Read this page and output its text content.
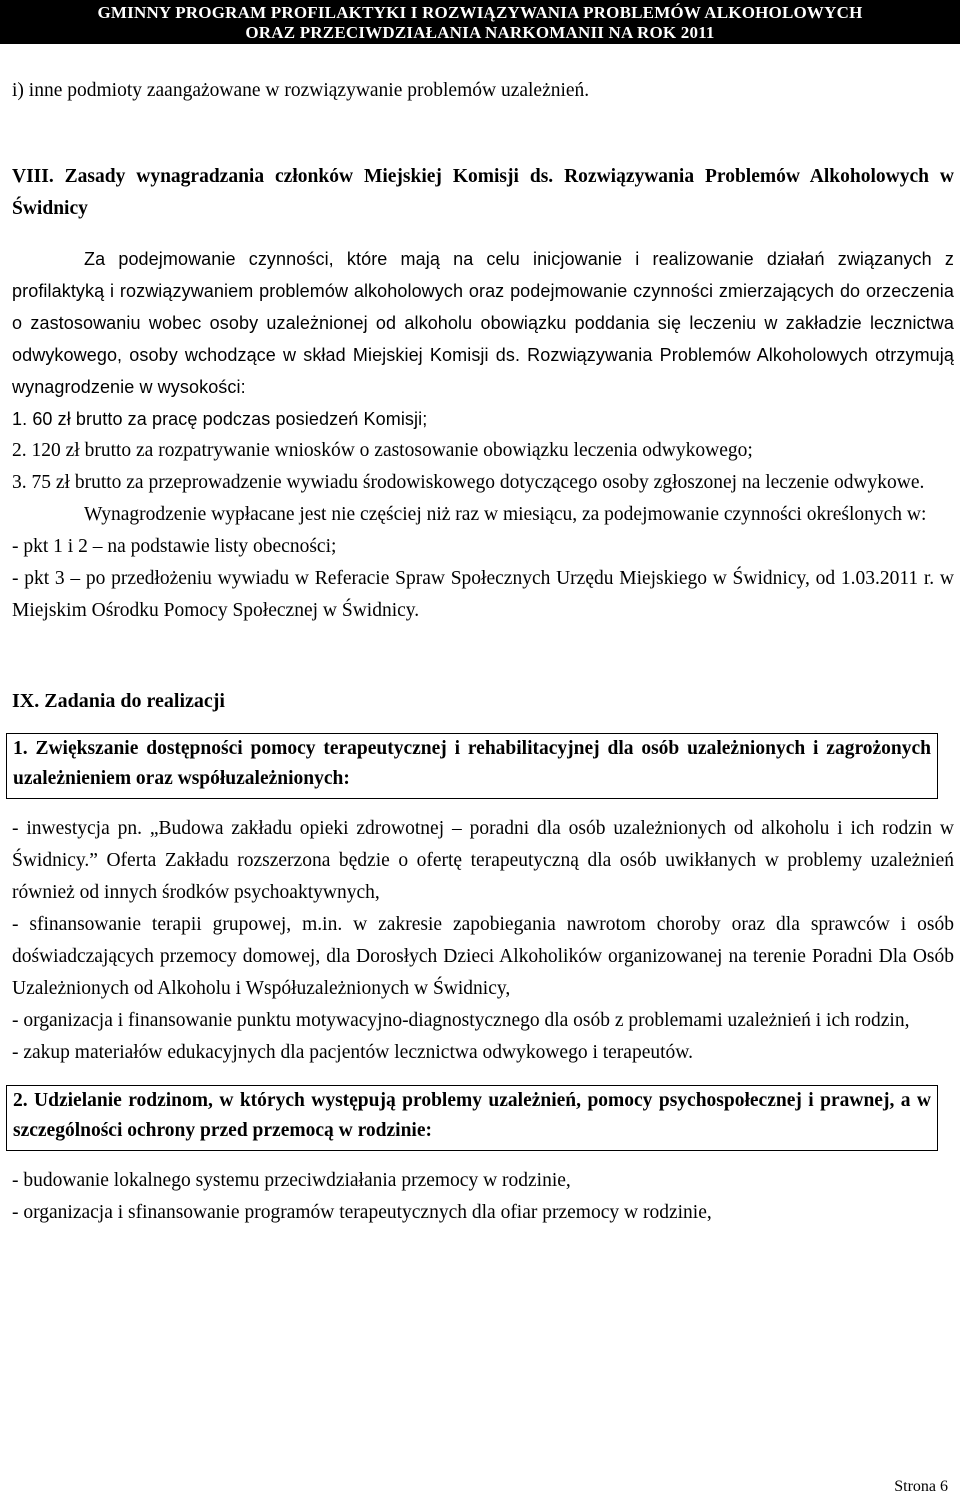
GMINNY PROGRAM PROFILAKTYKI I ROZWIĄZYWANIA PROBLEMÓW ALKOHOLOWYCH
ORAZ PRZECIWDZIAŁANIA NARKOMANII NA ROK 2011

i) inne podmioty zaangażowane w rozwiązywanie problemów uzależnień.

VIII. Zasady wynagradzania członków Miejskiej Komisji ds. Rozwiązywania Problemów Alkoholowych w Świdnicy

Za podejmowanie czynności, które mają na celu inicjowanie i realizowanie działań związanych z profilaktyką i rozwiązywaniem problemów alkoholowych oraz podejmowanie czynności zmierzających do orzeczenia o zastosowaniu wobec osoby uzależnionej od alkoholu obowiązku poddania się leczeniu w zakładzie lecznictwa odwykowego, osoby wchodzące w skład Miejskiej Komisji ds. Rozwiązywania Problemów Alkoholowych otrzymują wynagrodzenie w wysokości:

1. 60 zł brutto za pracę podczas posiedzeń Komisji;

2. 120 zł brutto za rozpatrywanie wniosków o zastosowanie obowiązku leczenia odwykowego;

3. 75 zł brutto za przeprowadzenie wywiadu środowiskowego dotyczącego osoby zgłoszonej na leczenie odwykowe.

Wynagrodzenie wypłacane jest nie częściej niż raz w miesiącu, za podejmowanie czynności określonych w:

- pkt 1 i 2 – na podstawie listy obecności;

- pkt 3 – po przedłożeniu wywiadu w Referacie Spraw Społecznych Urzędu Miejskiego w Świdnicy, od 1.03.2011 r. w Miejskim Ośrodku Pomocy Społecznej w Świdnicy.

IX. Zadania do realizacji

1. Zwiększanie dostępności pomocy terapeutycznej i rehabilitacyjnej dla osób uzależnionych i zagrożonych uzależnieniem oraz współuzależnionych:

- inwestycja pn. „Budowa zakładu opieki zdrowotnej – poradni dla osób uzależnionych od alkoholu i ich rodzin w Świdnicy.” Oferta Zakładu rozszerzona będzie o ofertę terapeutyczną dla osób uwikłanych w problemy uzależnień również od innych środków psychoaktywnych,

- sfinansowanie terapii grupowej, m.in. w zakresie zapobiegania nawrotom choroby oraz dla sprawców i osób doświadczających przemocy domowej, dla Dorosłych Dzieci Alkoholików organizowanej na terenie Poradni Dla Osób Uzależnionych od Alkoholu i Współuzależnionych w Świdnicy,

- organizacja i finansowanie punktu motywacyjno-diagnostycznego dla osób z problemami uzależnień i ich rodzin,

- zakup materiałów edukacyjnych dla pacjentów lecznictwa odwykowego i terapeutów.

2. Udzielanie rodzinom, w których występują problemy uzależnień, pomocy psychospołecznej i prawnej, a w szczególności ochrony przed przemocą w rodzinie:

- budowanie lokalnego systemu przeciwdziałania przemocy w rodzinie,

- organizacja i sfinansowanie programów terapeutycznych dla ofiar przemocy w rodzinie,

Strona 6
